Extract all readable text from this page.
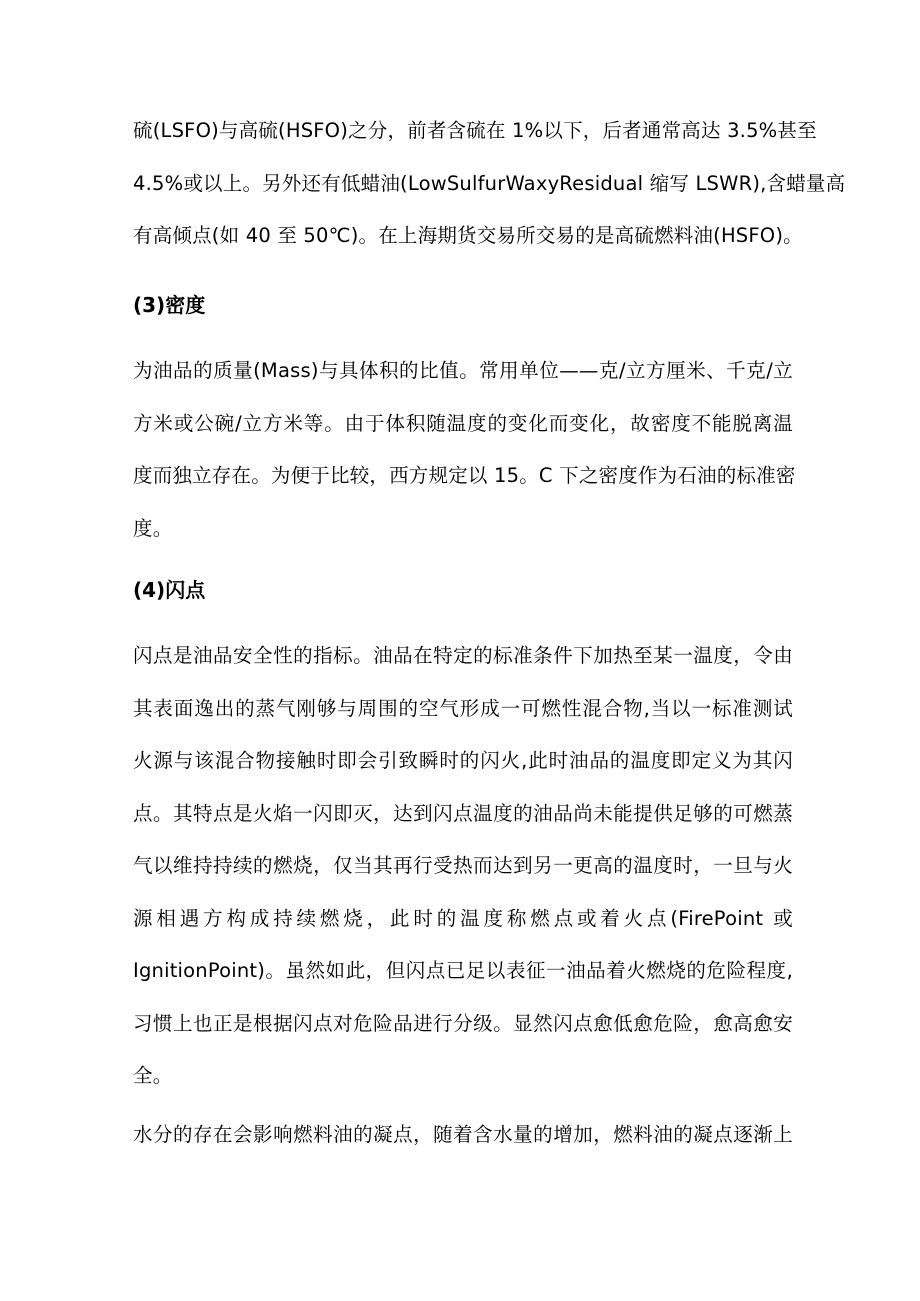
硫(LSFO)与高硫(HSFO)之分，前者含硫在 1%以下，后者通常高达 3.5%甚至
4.5%或以上。另外还有低蜡油(LowSulfurWaxyResidual 缩写 LSWR),含蜡量高
有高倾点(如 40 至 50℃)。在上海期货交易所交易的是高硫燃料油(HSFO)。
(3)密度
为油品的质量(Mass)与具体积的比值。常用单位——克/立方厘米、千克/立
方米或公碗/立方米等。由于体积随温度的变化而变化，故密度不能脱离温
度而独立存在。为便于比较，西方规定以 15。C 下之密度作为石油的标准密
度。
(4)闪点
闪点是油品安全性的指标。油品在特定的标准条件下加热至某一温度，令由
其表面逸出的蒸气刚够与周围的空气形成一可燃性混合物,当以一标准测试
火源与该混合物接触时即会引致瞬时的闪火,此时油品的温度即定义为其闪
点。其特点是火焰一闪即灭，达到闪点温度的油品尚未能提供足够的可燃蒸
气以维持持续的燃烧，仅当其再行受热而达到另一更高的温度时，一旦与火
源相遇方构成持续燃烧，此时的温度称燃点或着火点(FirePoint 或
IgnitionPoint)。虽然如此，但闪点已足以表征一油品着火燃烧的危险程度,
习惯上也正是根据闪点对危险品进行分级。显然闪点愈低愈危险，愈高愈安
全。
水分的存在会影响燃料油的凝点，随着含水量的增加，燃料油的凝点逐渐上
